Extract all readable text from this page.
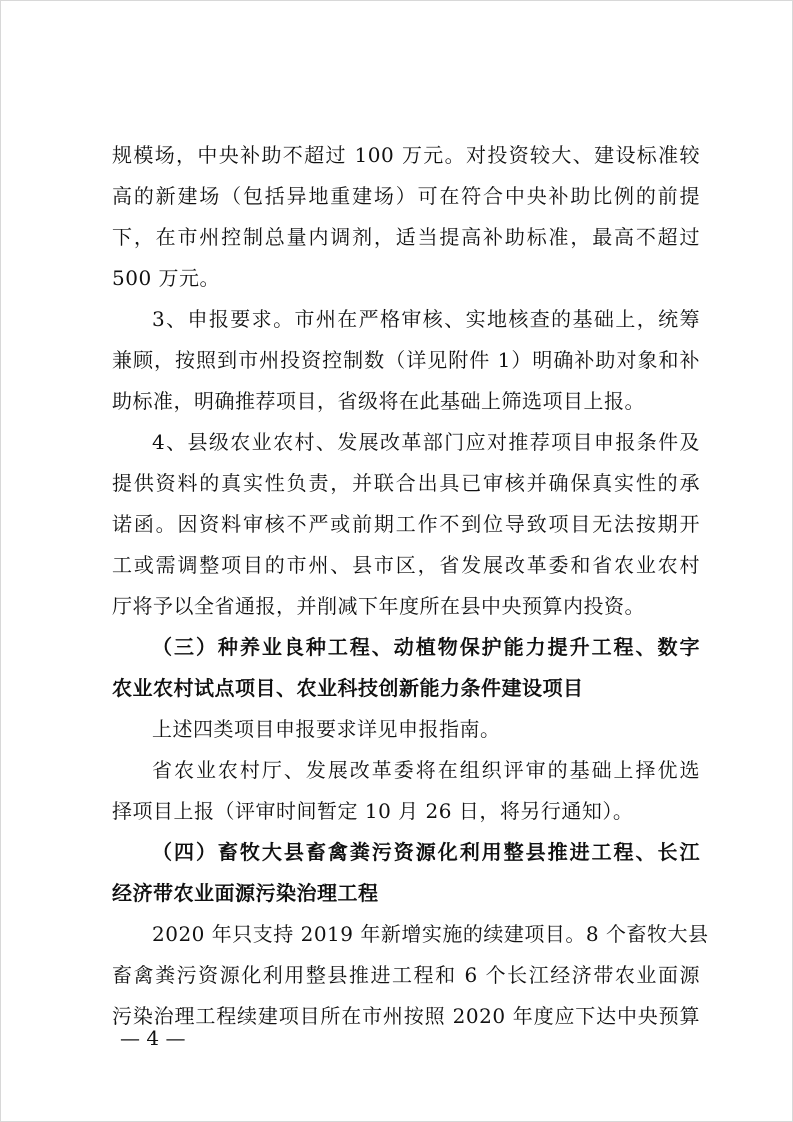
规模场，中央补助不超过 100 万元。对投资较大、建设标准较
高的新建场（包括异地重建场）可在符合中央补助比例的前提
下，在市州控制总量内调剂，适当提高补助标准，最高不超过
500 万元。
3、申报要求。市州在严格审核、实地核查的基础上，统筹
兼顾，按照到市州投资控制数（详见附件 1）明确补助对象和补
助标准，明确推荐项目，省级将在此基础上筛选项目上报。
4、县级农业农村、发展改革部门应对推荐项目申报条件及
提供资料的真实性负责，并联合出具已审核并确保真实性的承
诺函。因资料审核不严或前期工作不到位导致项目无法按期开
工或需调整项目的市州、县市区，省发展改革委和省农业农村
厅将予以全省通报，并削减下年度所在县中央预算内投资。
（三）种养业良种工程、动植物保护能力提升工程、数字
农业农村试点项目、农业科技创新能力条件建设项目
上述四类项目申报要求详见申报指南。
省农业农村厅、发展改革委将在组织评审的基础上择优选
择项目上报（评审时间暂定 10 月 26 日，将另行通知）。
（四）畜牧大县畜禽粪污资源化利用整县推进工程、长江
经济带农业面源污染治理工程
2020 年只支持 2019 年新增实施的续建项目。8 个畜牧大县
畜禽粪污资源化利用整县推进工程和 6 个长江经济带农业面源
污染治理工程续建项目所在市州按照 2020 年度应下达中央预算
— 4 —
